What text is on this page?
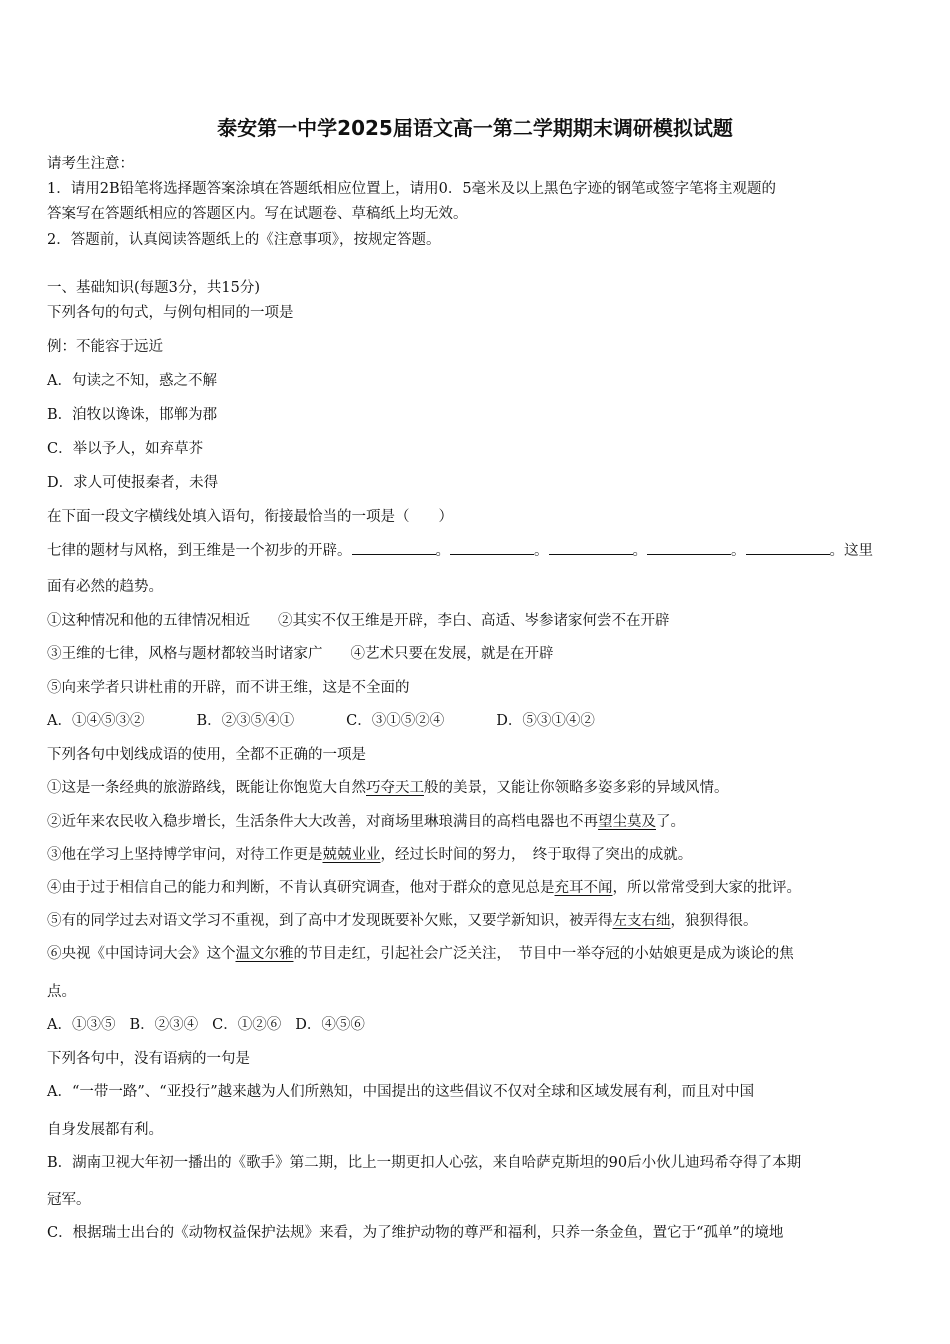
泰安第一中学2025届语文高一第二学期期末调研模拟试题
请考生注意：
1．请用2B铅笔将选择题答案涂填在答题纸相应位置上，请用0．5毫米及以上黑色字迹的钢笔或签字笔将主观题的
答案写在答题纸相应的答题区内。写在试题卷、草稿纸上均无效。
2．答题前，认真阅读答题纸上的《注意事项》，按规定答题。
一、基础知识(每题3分，共15分)
下列各句的句式，与例句相同的一项是
例：不能容于远近
A．句读之不知，惑之不解
B．洎牧以谗诛，邯郸为郡
C．举以予人，如弃草芥
D．求人可使报秦者，未得
在下面一段文字横线处填入语句，衔接最恰当的一项是（　　）
七律的题材与风格，到王维是一个初步的开辟。	。	。	。	。	。这里
面有必然的趋势。
①这种情况和他的五律情况相近 ②其实不仅王维是开辟，李白、高适、岑参诸家何尝不在开辟
③王维的七律，风格与题材都较当时诸家广 ④艺术只要在发展，就是在开辟
⑤向来学者只讲杜甫的开辟，而不讲王维，这是不全面的
A．①④⑤③②	B．②③⑤④①	C．③①⑤②④	D．⑤③①④②
下列各句中划线成语的使用，全都不正确的一项是
①这是一条经典的旅游路线，既能让你饱览大自然巧夺天工般的美景，又能让你领略多姿多彩的异域风情。
②近年来农民收入稳步增长，生活条件大大改善，对商场里琳琅满目的高档电器也不再望尘莫及了。
③他在学习上坚持博学审问，对待工作更是兢兢业业，经过长时间的努力，　终于取得了突出的成就。
④由于过于相信自己的能力和判断，不肯认真研究调查，他对于群众的意见总是充耳不闻，所以常常受到大家的批评。
⑤有的同学过去对语文学习不重视，到了高中才发现既要补欠账，又要学新知识，被弄得左支右绌，狼狈得很。
⑥央视《中国诗词大会》这个温文尔雅的节目走红，引起社会广泛关注，　节目中一举夺冠的小姑娘更是成为谈论的焦
点。
A．①③⑤ B．②③④ C．①②⑥ D．④⑤⑥
下列各句中，没有语病的一句是
A．“一带一路”、“亚投行”越来越为人们所熟知，中国提出的这些倡议不仅对全球和区域发展有利，而且对中国
自身发展都有利。
B．湖南卫视大年初一播出的《歌手》第二期，比上一期更扣人心弦，来自哈萨克斯坦的90后小伙儿迪玛希夺得了本期
冠军。
C．根据瑞士出台的《动物权益保护法规》来看，为了维护动物的尊严和福利，只养一条金鱼，置它于“孤单”的境地
